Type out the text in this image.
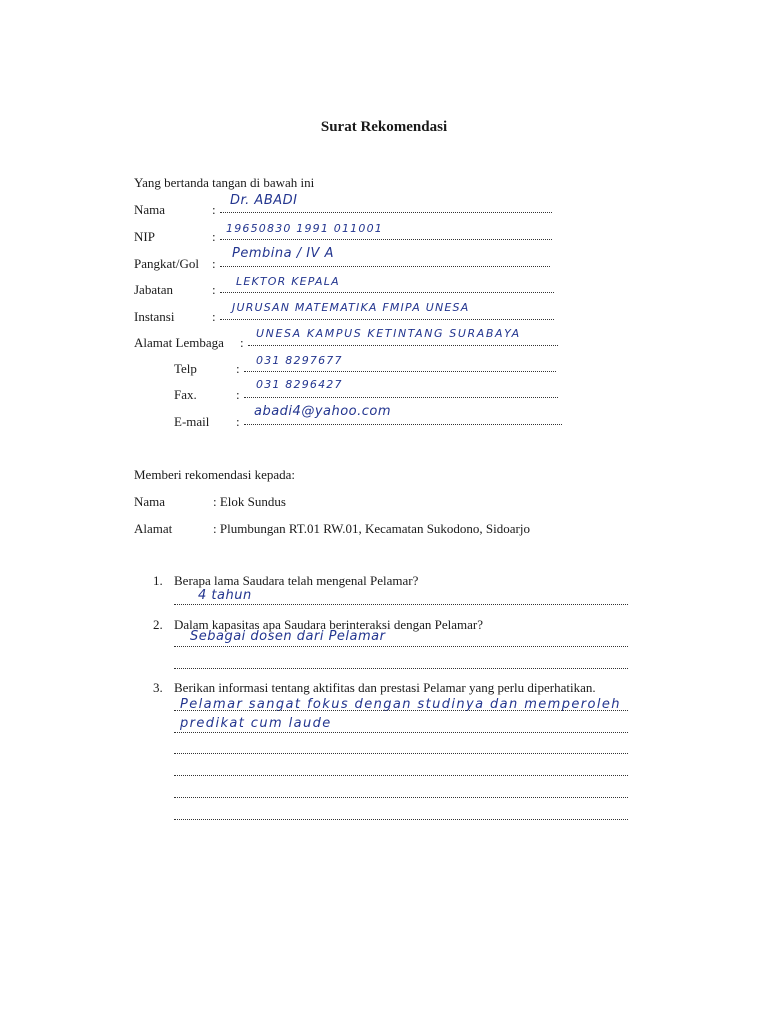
Surat Rekomendasi
Yang bertanda tangan di bawah ini
Nama	:
Dr. ABADI
NIP	:
19650830 1991 011001
Pangkat/Gol :
Pembina / IV A
Jabatan	:
LEKTOR KEPALA
Instansi	:
JURUSAN MATEMATIKA FMIPA UNESA
Alamat Lembaga :
UNESA KAMPUS KETINTANG SURABAYA
Telp	:
031 8297677
Fax.	:
031 8296427
E-mail :
abadi4@yahoo.com
Memberi rekomendasi kepada:
Nama	: Elok Sundus
Alamat	: Plumbungan RT.01 RW.01, Kecamatan Sukodono, Sidoarjo
1. Berapa lama Saudara telah mengenal Pelamar?
4 tahun
2. Dalam kapasitas apa Saudara berinteraksi dengan Pelamar?
Sebagai dosen dari Pelamar
3. Berikan informasi tentang aktifitas dan prestasi Pelamar yang perlu diperhatikan.
Pelamar sangat fokus dengan studinya dan memperoleh
predikat cum laude
